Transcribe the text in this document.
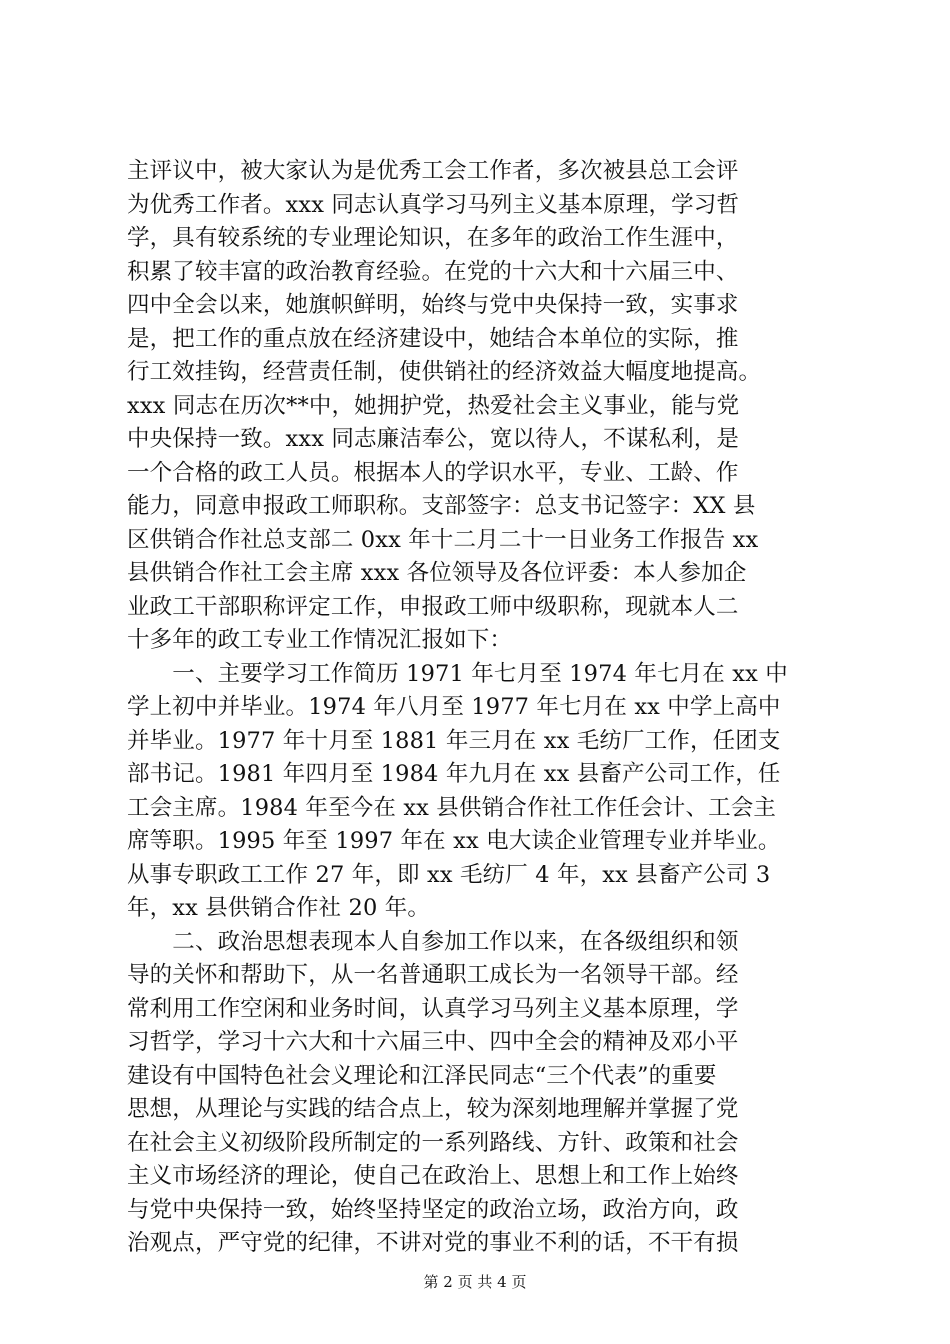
主评议中，被大家认为是优秀工会工作者，多次被县总工会评
为优秀工作者。xxx 同志认真学习马列主义基本原理，学习哲
学，具有较系统的专业理论知识，在多年的政治工作生涯中，
积累了较丰富的政治教育经验。在党的十六大和十六届三中、
四中全会以来，她旗帜鲜明，始终与党中央保持一致，实事求
是，把工作的重点放在经济建设中，她结合本单位的实际，推
行工效挂钩，经营责任制，使供销社的经济效益大幅度地提高。
xxx 同志在历次**中，她拥护党，热爱社会主义事业，能与党
中央保持一致。xxx 同志廉洁奉公，宽以待人，不谋私利，是
一个合格的政工人员。根据本人的学识水平，专业、工龄、作
能力，同意申报政工师职称。支部签字：总支书记签字：XX 县
区供销合作社总支部二 0xx 年十二月二十一日业务工作报告 xx
县供销合作社工会主席 xxx 各位领导及各位评委：本人参加企
业政工干部职称评定工作，申报政工师中级职称，现就本人二
十多年的政工专业工作情况汇报如下：
　　一、主要学习工作简历 1971 年七月至 1974 年七月在 xx 中
学上初中并毕业。1974 年八月至 1977 年七月在 xx 中学上高中
并毕业。1977 年十月至 1881 年三月在 xx 毛纺厂工作，任团支
部书记。1981 年四月至 1984 年九月在 xx 县畜产公司工作，任
工会主席。1984 年至今在 xx 县供销合作社工作任会计、工会主
席等职。1995 年至 1997 年在 xx 电大读企业管理专业并毕业。
从事专职政工工作 27 年，即 xx 毛纺厂 4 年，xx 县畜产公司 3
年，xx 县供销合作社 20 年。
　　二、政治思想表现本人自参加工作以来，在各级组织和领
导的关怀和帮助下，从一名普通职工成长为一名领导干部。经
常利用工作空闲和业务时间，认真学习马列主义基本原理，学
习哲学，学习十六大和十六届三中、四中全会的精神及邓小平
建设有中国特色社会义理论和江泽民同志“三个代表”的重要
思想，从理论与实践的结合点上，较为深刻地理解并掌握了党
在社会主义初级阶段所制定的一系列路线、方针、政策和社会
主义市场经济的理论，使自己在政治上、思想上和工作上始终
与党中央保持一致，始终坚持坚定的政治立场，政治方向，政
治观点，严守党的纪律，不讲对党的事业不利的话，不干有损
第 2 页 共 4 页
